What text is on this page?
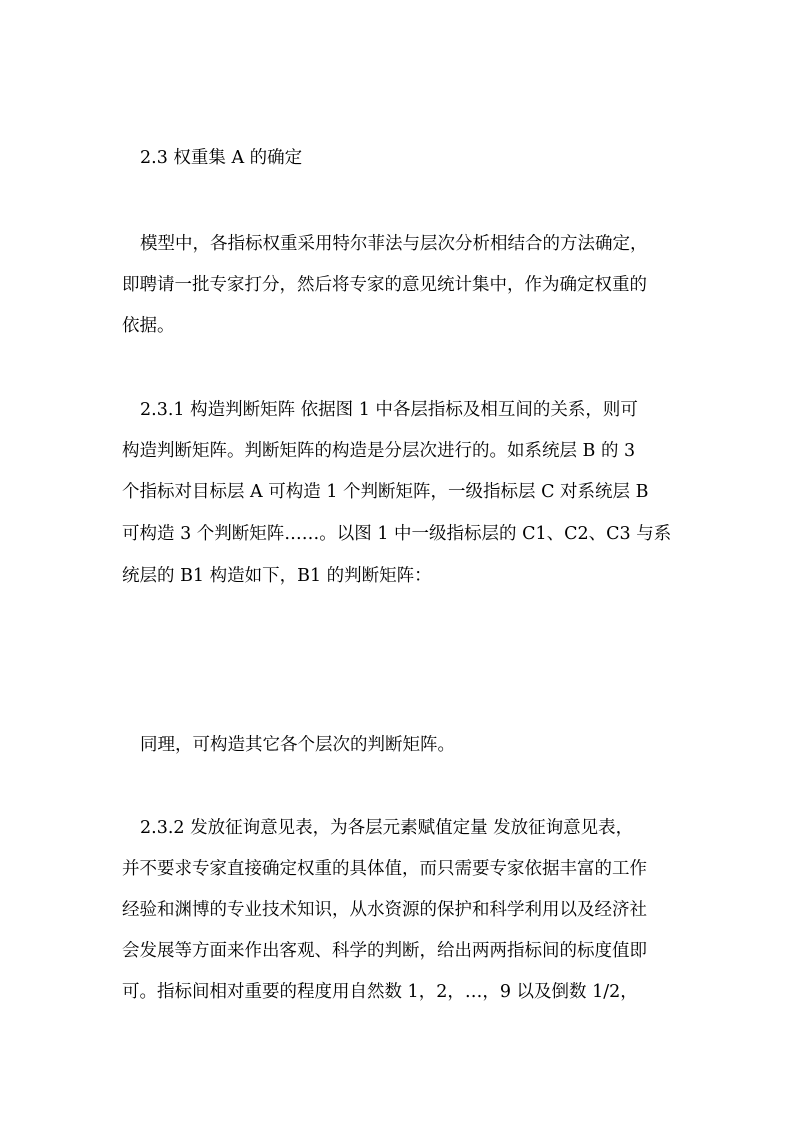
2.3 权重集 A 的确定
模型中，各指标权重采用特尔菲法与层次分析相结合的方法确定，
即聘请一批专家打分，然后将专家的意见统计集中，作为确定权重的
依据。
2.3.1 构造判断矩阵 依据图 1 中各层指标及相互间的关系，则可
构造判断矩阵。判断矩阵的构造是分层次进行的。如系统层 B 的 3
个指标对目标层 A 可构造 1 个判断矩阵，一级指标层 C 对系统层 B
可构造 3 个判断矩阵……。以图 1 中一级指标层的 C1、C2、C3 与系
统层的 B1 构造如下，B1 的判断矩阵：
同理，可构造其它各个层次的判断矩阵。
2.3.2 发放征询意见表，为各层元素赋值定量 发放征询意见表，
并不要求专家直接确定权重的具体值，而只需要专家依据丰富的工作
经验和渊博的专业技术知识，从水资源的保护和科学利用以及经济社
会发展等方面来作出客观、科学的判断，给出两两指标间的标度值即
可。指标间相对重要的程度用自然数 1，2，…，9 以及倒数 1/2，
